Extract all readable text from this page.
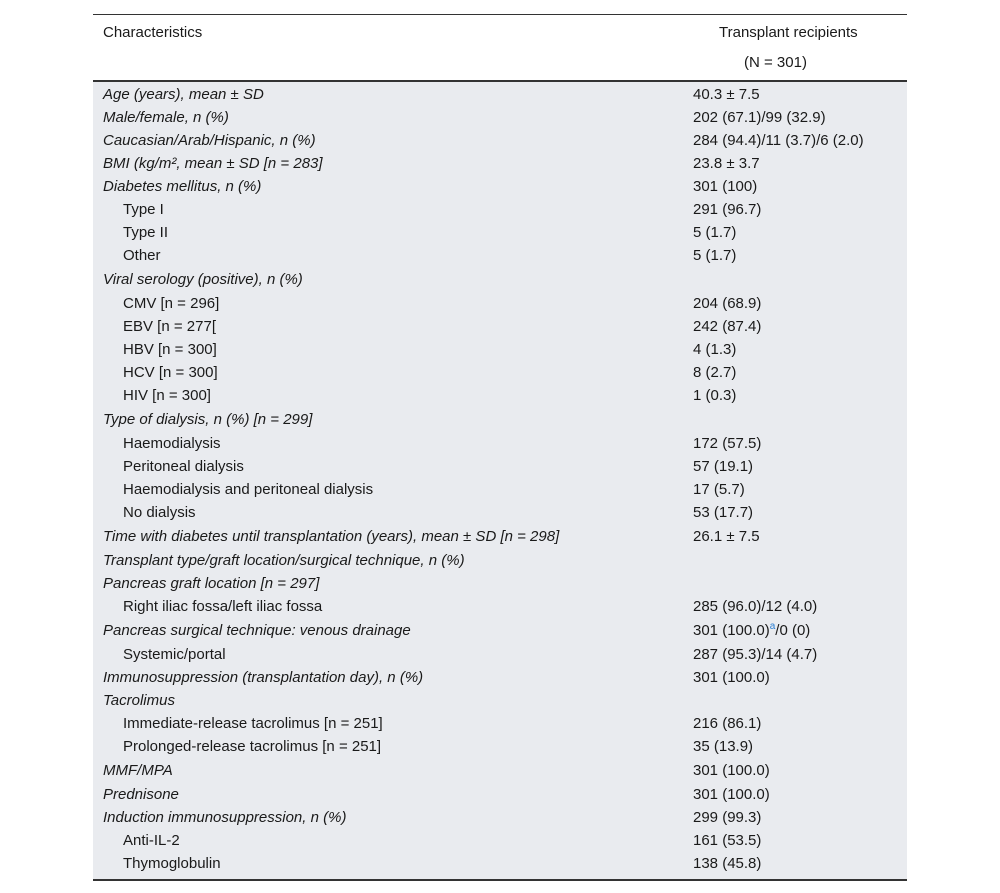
Characteristics	Transplant recipients
(N = 301)
Age (years), mean ± SD	40.3 ± 7.5
Male/female, n (%)	202 (67.1)/99 (32.9)
Caucasian/Arab/Hispanic, n (%)	284 (94.4)/11 (3.7)/6 (2.0)
BMI (kg/m², mean ± SD [n = 283]	23.8 ± 3.7
Diabetes mellitus, n (%)	301 (100)
Type I	291 (96.7)
Type II	5 (1.7)
Other	5 (1.7)
Viral serology (positive), n (%)
CMV [n = 296]	204 (68.9)
EBV [n = 277[	242 (87.4)
HBV [n = 300]	4 (1.3)
HCV [n = 300]	8 (2.7)
HIV [n = 300]	1 (0.3)
Type of dialysis, n (%) [n = 299]
Haemodialysis	172 (57.5)
Peritoneal dialysis	57 (19.1)
Haemodialysis and peritoneal dialysis	17 (5.7)
No dialysis	53 (17.7)
Time with diabetes until transplantation (years), mean ± SD [n = 298]	26.1 ± 7.5
Transplant type/graft location/surgical technique, n (%)
Pancreas graft location [n = 297]
Right iliac fossa/left iliac fossa	285 (96.0)/12 (4.0)
Pancreas surgical technique: venous drainage	301 $(100.0)^a/0$ (0)
Systemic/portal	287 (95.3)/14 (4.7)
Immunosuppression (transplantation day), n (%)	301 (100.0)
Tacrolimus
Immediate-release tacrolimus [n = 251]	216 (86.1)
Prolonged-release tacrolimus [n = 251]	35 (13.9)
MMF/MPA	301 (100.0)
Prednisone	301 (100.0)
Induction immunosuppression, n (%)	299 (99.3)
Anti-IL-2	161 (53.5)
Thymoglobulin	138 (45.8)
